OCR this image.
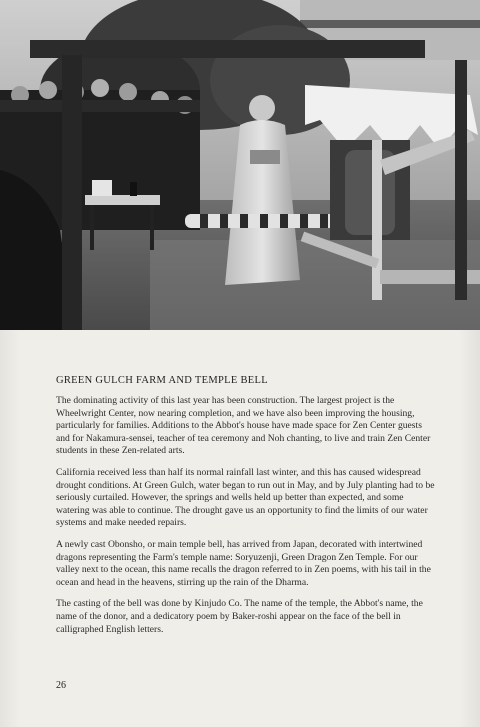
GREEN GULCH FARM AND TEMPLE BELL

The dominating activity of this last year has been construction. The largest project is the Wheelwright Center, now nearing completion, and we have also been improving the housing, particularly for families. Additions to the Abbot's house have made space for Zen Center guests and for Nakamura-sensei, teacher of tea ceremony and Noh chanting, to live and train Zen Center students in these Zen-related arts.

California received less than half its normal rainfall last winter, and this has caused widespread drought conditions. At Green Gulch, water began to run out in May, and by July planting had to be seriously curtailed. However, the springs and wells held up better than expected, and some watering was able to continue. The drought gave us an opportunity to find the limits of our water systems and make needed repairs.

A newly cast Obonsho, or main temple bell, has arrived from Japan, decorated with intertwined dragons representing the Farm's temple name: Soryuzenji, Green Dragon Zen Temple. For our valley next to the ocean, this name recalls the dragon referred to in Zen poems, with his tail in the ocean and head in the heavens, stirring up the rain of the Dharma.

The casting of the bell was done by Kinjudo Co. The name of the temple, the Abbot's name, the name of the donor, and a dedicatory poem by Baker-roshi appear on the face of the bell in calligraphed English letters.

26
